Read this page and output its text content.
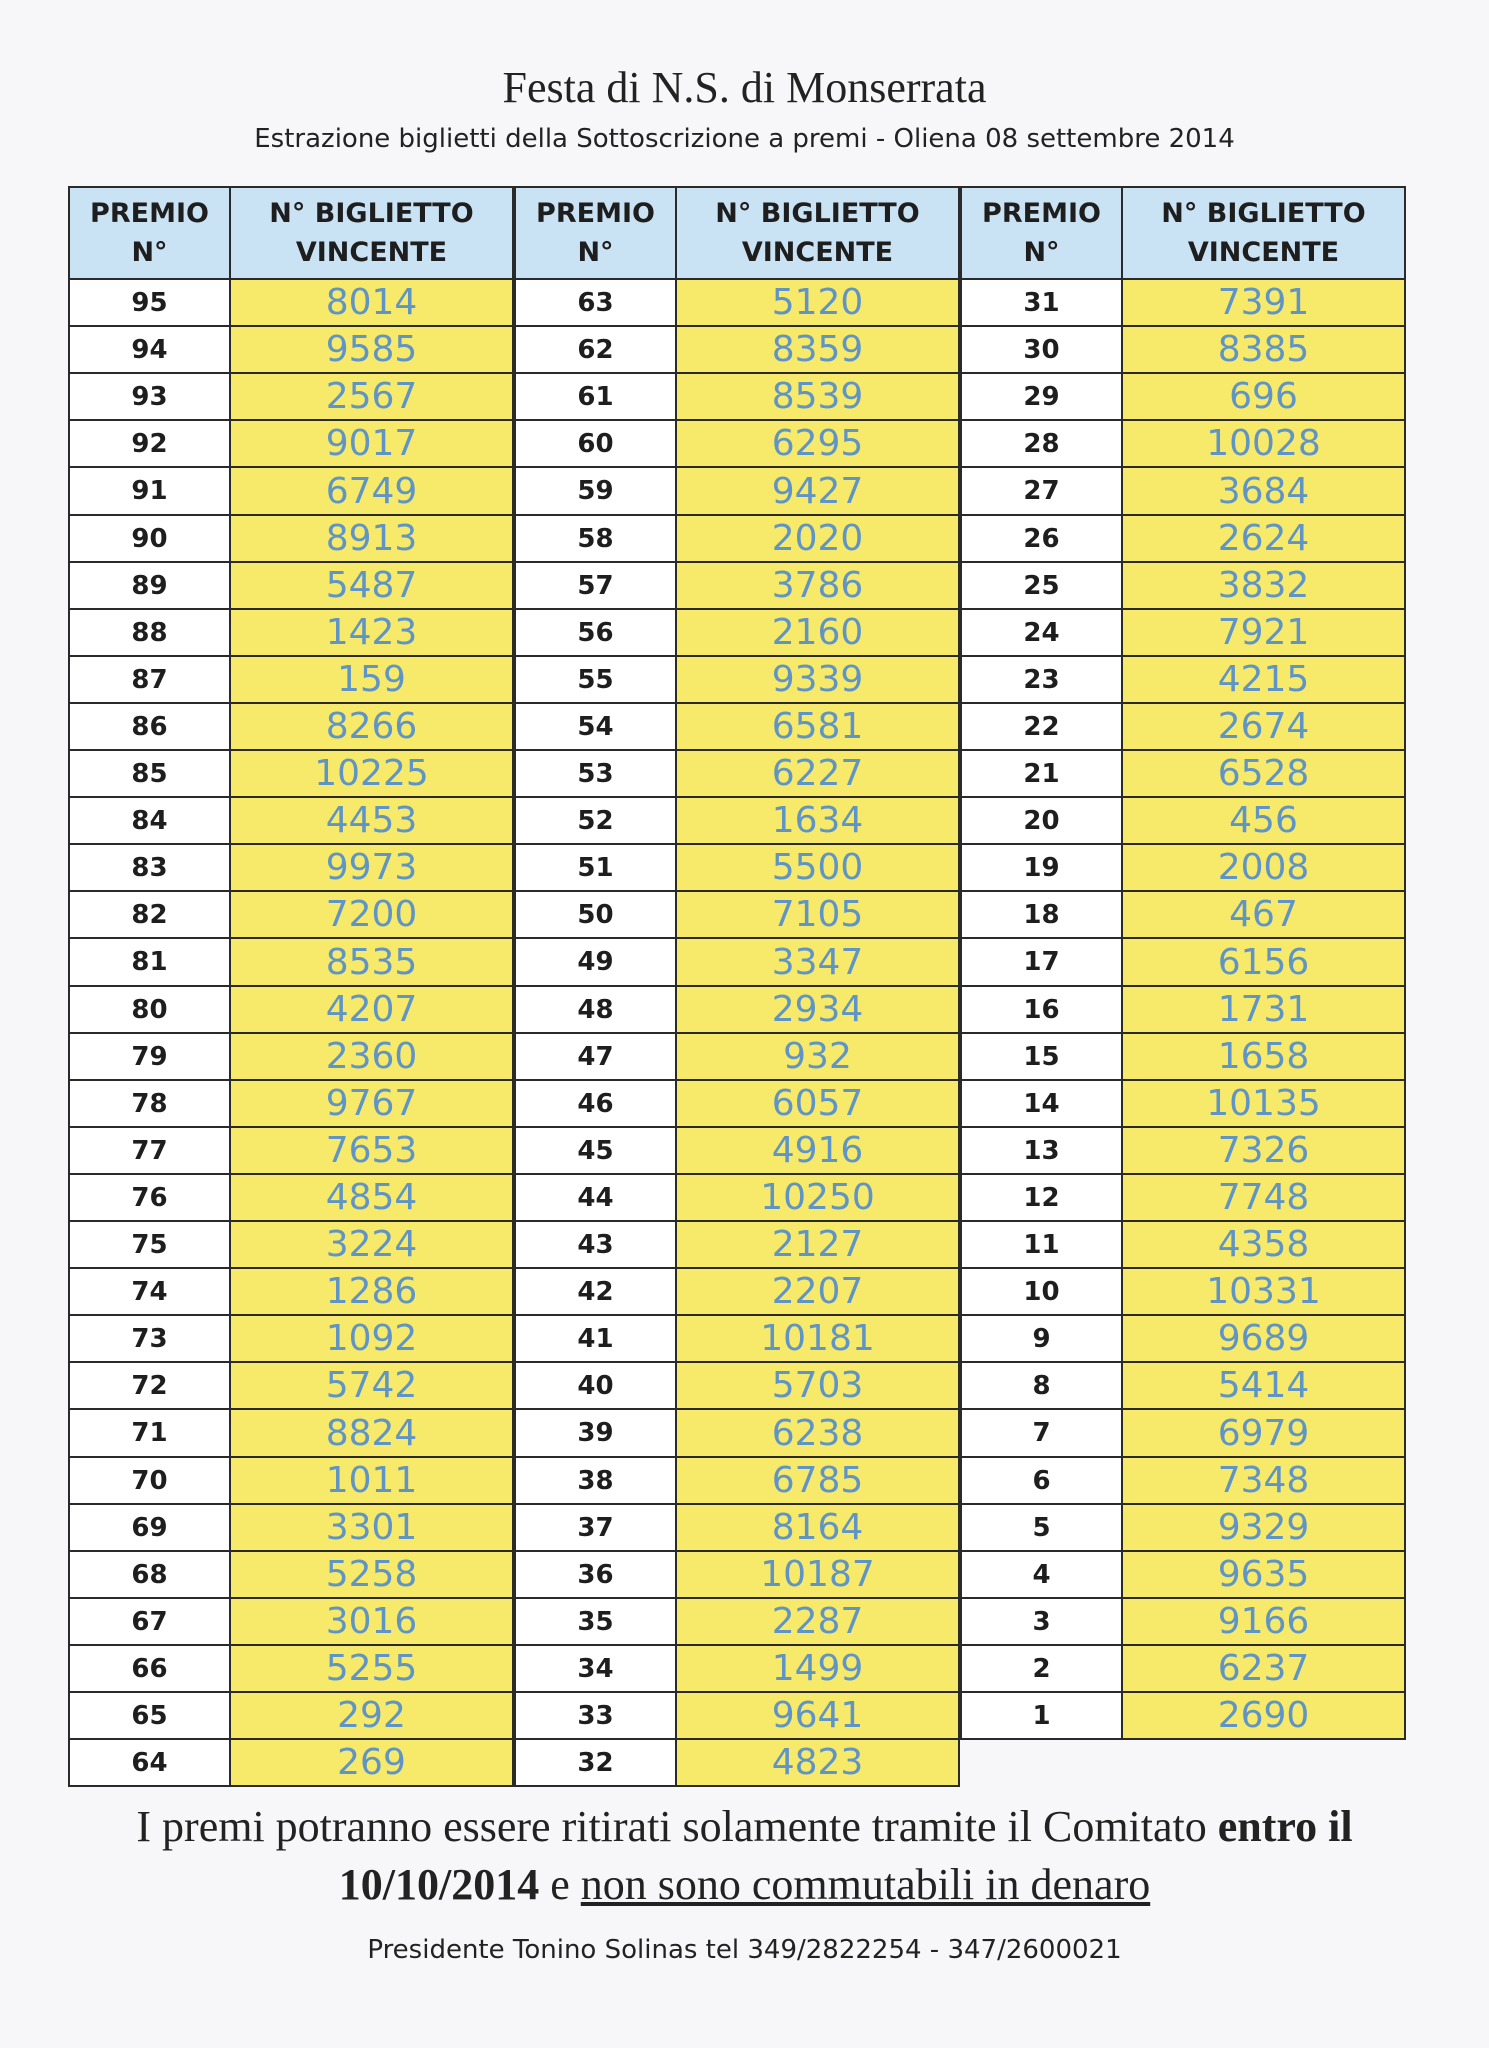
Festa di N.S. di Monserrata
Estrazione biglietti della Sottoscrizione a premi - Oliena 08 settembre 2014
PREMIO
N°
N° BIGLIETTO
VINCENTE
95	8014
94	9585
93	2567
92	9017
91	6749
90	8913
89	5487
88	1423
87	159
86	8266
85	10225
84	4453
83	9973
82	7200
81	8535
80	4207
79	2360
78	9767
77	7653
76	4854
75	3224
74	1286
73	1092
72	5742
71	8824
70	1011
69	3301
68	5258
67	3016
66	5255
65	292
64	269
PREMIO
N°
N° BIGLIETTO
VINCENTE
63	5120
62	8359
61	8539
60	6295
59	9427
58	2020
57	3786
56	2160
55	9339
54	6581
53	6227
52	1634
51	5500
50	7105
49	3347
48	2934
47	932
46	6057
45	4916
44	10250
43	2127
42	2207
41	10181
40	5703
39	6238
38	6785
37	8164
36	10187
35	2287
34	1499
33	9641
32	4823
PREMIO
N°
N° BIGLIETTO
VINCENTE
31	7391
30	8385
29	696
28	10028
27	3684
26	2624
25	3832
24	7921
23	4215
22	2674
21	6528
20	456
19	2008
18	467
17	6156
16	1731
15	1658
14	10135
13	7326
12	7748
11	4358
10	10331
9	9689
8	5414
7	6979
6	7348
5	9329
4	9635
3	9166
2	6237
1	2690
I premi potranno essere ritirati solamente tramite il Comitato entro il
10/10/2014 e non sono commutabili in denaro
Presidente Tonino Solinas tel 349/2822254 - 347/2600021
